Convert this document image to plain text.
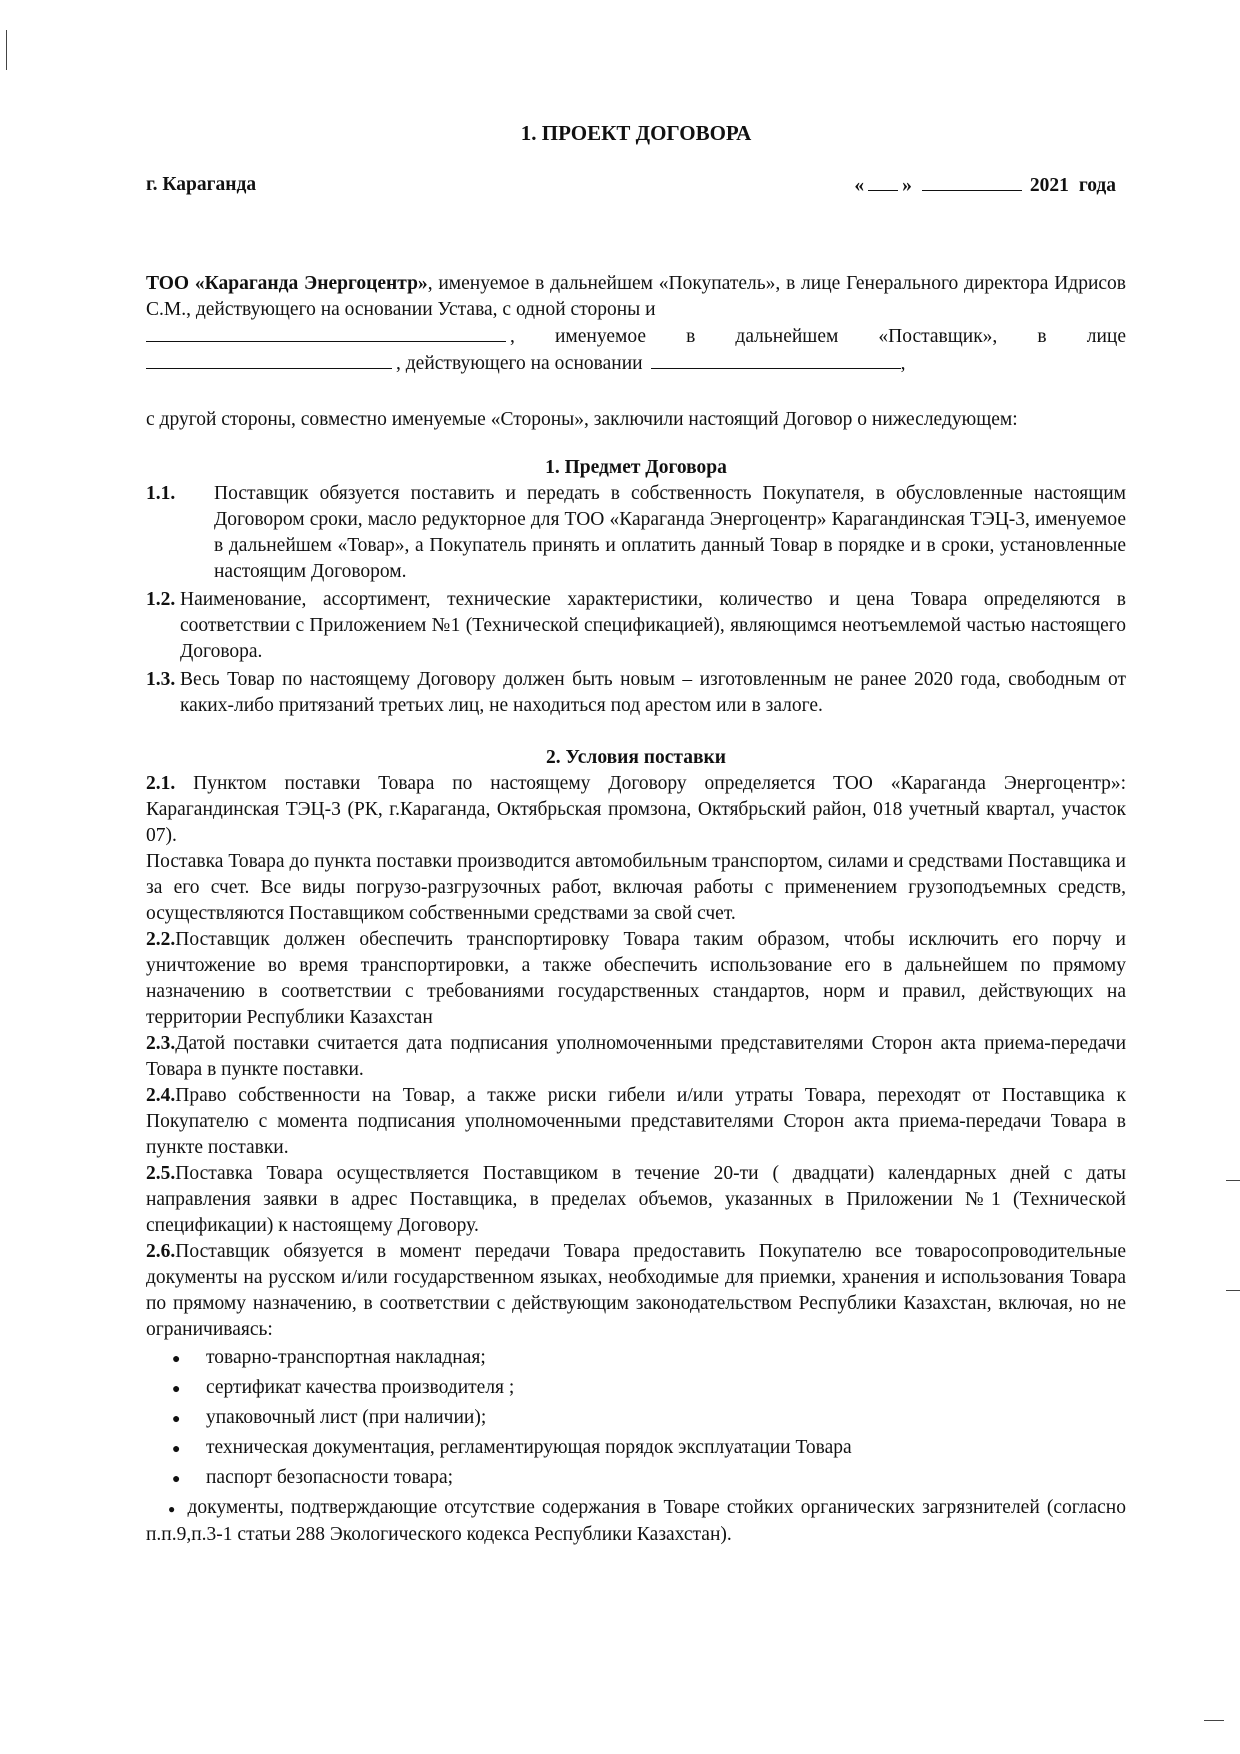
1. ПРОЕКТ ДОГОВОРА
г. Караганда	« »	2021 года

ТОО «Караганда Энергоцентр», именуемое в дальнейшем «Покупатель», в лице Генерального директора Идрисов С.М., действующего на основании Устава, с одной стороны и

, именуемое в дальнейшем «Поставщик», в лице
, действующего на основании	,

с другой стороны, совместно именуемые «Стороны», заключили настоящий Договор о нижеследующем:

1. Предмет Договора
1.1.	Поставщик обязуется поставить и передать в собственность Покупателя, в обусловленные настоящим Договором сроки, масло редукторное для ТОО «Караганда Энергоцентр» Карагандинская ТЭЦ-3, именуемое в дальнейшем «Товар», а Покупатель принять и оплатить данный Товар в порядке и в сроки, установленные настоящим Договором.
1.2. Наименование, ассортимент, технические характеристики, количество и цена Товара определяются в соответствии с Приложением №1 (Технической спецификацией), являющимся неотъемлемой частью настоящего Договора.
1.3. Весь Товар по настоящему Договору должен быть новым – изготовленным не ранее 2020 года, свободным от каких-либо притязаний третьих лиц, не находиться под арестом или в залоге.
2. Условия поставки

2.1. Пунктом поставки Товара по настоящему Договору определяется ТОО «Караганда Энергоцентр»: Карагандинская ТЭЦ-3 (РК, г.Караганда, Октябрьская промзона, Октябрьский район, 018 учетный квартал, участок 07).

Поставка Товара до пункта поставки производится автомобильным транспортом, силами и средствами Поставщика и за его счет. Все виды погрузо-разгрузочных работ, включая работы с применением грузоподъемных средств, осуществляются Поставщиком собственными средствами за свой счет.

2.2.Поставщик должен обеспечить транспортировку Товара таким образом, чтобы исключить его порчу и уничтожение во время транспортировки, а также обеспечить использование его в дальнейшем по прямому назначению в соответствии с требованиями государственных стандартов, норм и правил, действующих на территории Республики Казахстан

2.3.Датой поставки считается дата подписания уполномоченными представителями Сторон акта приема-передачи Товара в пункте поставки.

2.4.Право собственности на Товар, а также риски гибели и/или утраты Товара, переходят от Поставщика к Покупателю с момента подписания уполномоченными представителями Сторон акта приема-передачи Товара в пункте поставки.

2.5.Поставка Товара осуществляется Поставщиком в течение 20-ти ( двадцати) календарных дней с даты направления заявки в адрес Поставщика, в пределах объемов, указанных в Приложении №1 (Технической спецификации) к настоящему Договору.

2.6.Поставщик обязуется в момент передачи Товара предоставить Покупателю все товаросопроводительные документы на русском и/или государственном языках, необходимые для приемки, хранения и использования Товара по прямому назначению, в соответствии с действующим законодательством Республики Казахстан, включая, но не ограничиваясь:

●	товарно-транспортная накладная;
●	сертификат качества производителя ;
●	упаковочный лист (при наличии);
●	техническая документация, регламентирующая порядок эксплуатации Товара
●	паспорт безопасности товара;

● документы, подтверждающие отсутствие содержания в Товаре стойких органических загрязнителей (согласно п.п.9,п.3-1 статьи 288 Экологического кодекса Республики Казахстан).
